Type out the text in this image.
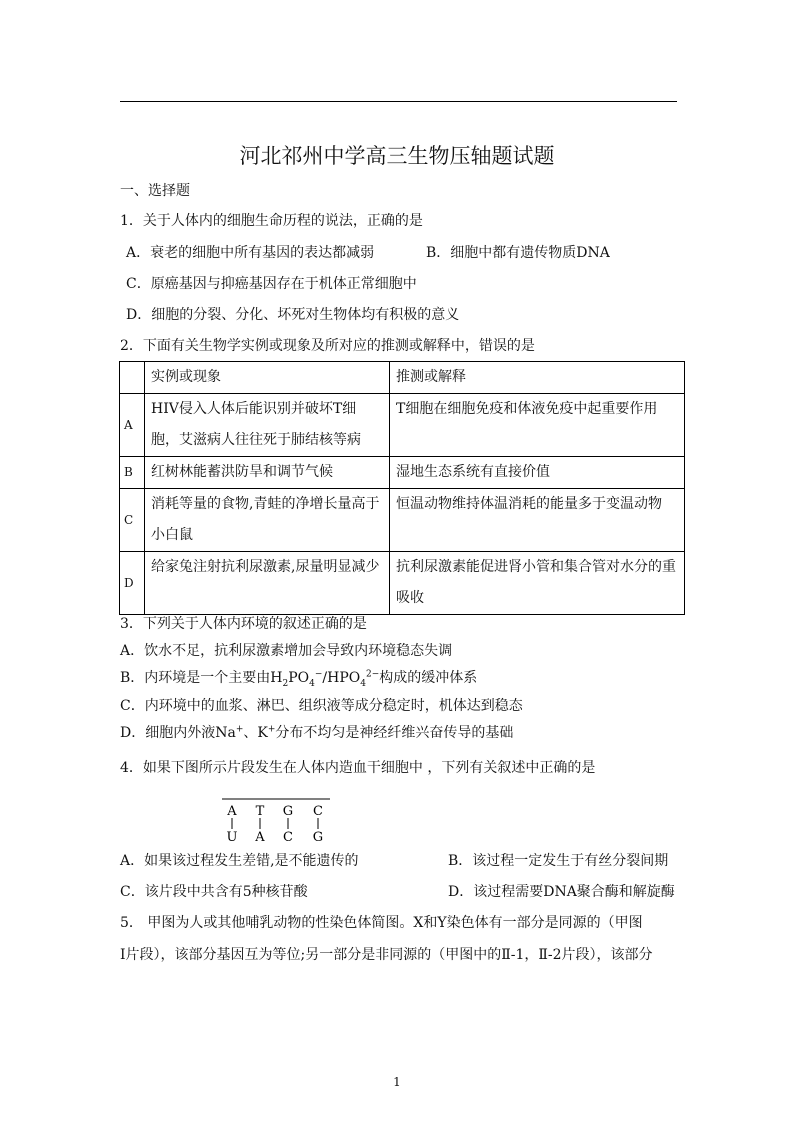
河北祁州中学高三生物压轴题试题
一、选择题
1．关于人体内的细胞生命历程的说法，正确的是
A．衰老的细胞中所有基因的表达都减弱	B．细胞中都有遗传物质DNA
C．原癌基因与抑癌基因存在于机体正常细胞中
D．细胞的分裂、分化、坏死对生物体均有积极的意义
2．下面有关生物学实例或现象及所对应的推测或解释中，错误的是
	实例或现象	推测或解释
A	HIV侵入人体后能识别并破坏T细胞，艾滋病人往往死于肺结核等病	T细胞在细胞免疫和体液免疫中起重要作用
B	红树林能蓄洪防旱和调节气候	湿地生态系统有直接价值
C	消耗等量的食物,青蛙的净增长量高于小白鼠	恒温动物维持体温消耗的能量多于变温动物
D	给家兔注射抗利尿激素,尿量明显减少	抗利尿激素能促进肾小管和集合管对水分的重吸收
3．下列关于人体内环境的叙述正确的是
A．饮水不足，抗利尿激素增加会导致内环境稳态失调
B．内环境是一个主要由$H_2PO_4^-/HPO_4^{2-}$构成的缓冲体系
C．内环境中的血浆、淋巴、组织液等成分稳定时，机体达到稳态
D．细胞内外液Na+、K+分布不均匀是神经纤维兴奋传导的基础
4．如果下图所示片段发生在人体内造血干细胞中 ，下列有关叙述中正确的是
A T G C
U A C G
A．如果该过程发生差错,是不能遗传的	B．该过程一定发生于有丝分裂间期
C．该片段中共含有5种核苷酸	D．该过程需要DNA聚合酶和解旋酶
5． 甲图为人或其他哺乳动物的性染色体简图。X和Y染色体有一部分是同源的（甲图
I片段），该部分基因互为等位;另一部分是非同源的（甲图中的Ⅱ-1，Ⅱ-2片段），该部分
1
